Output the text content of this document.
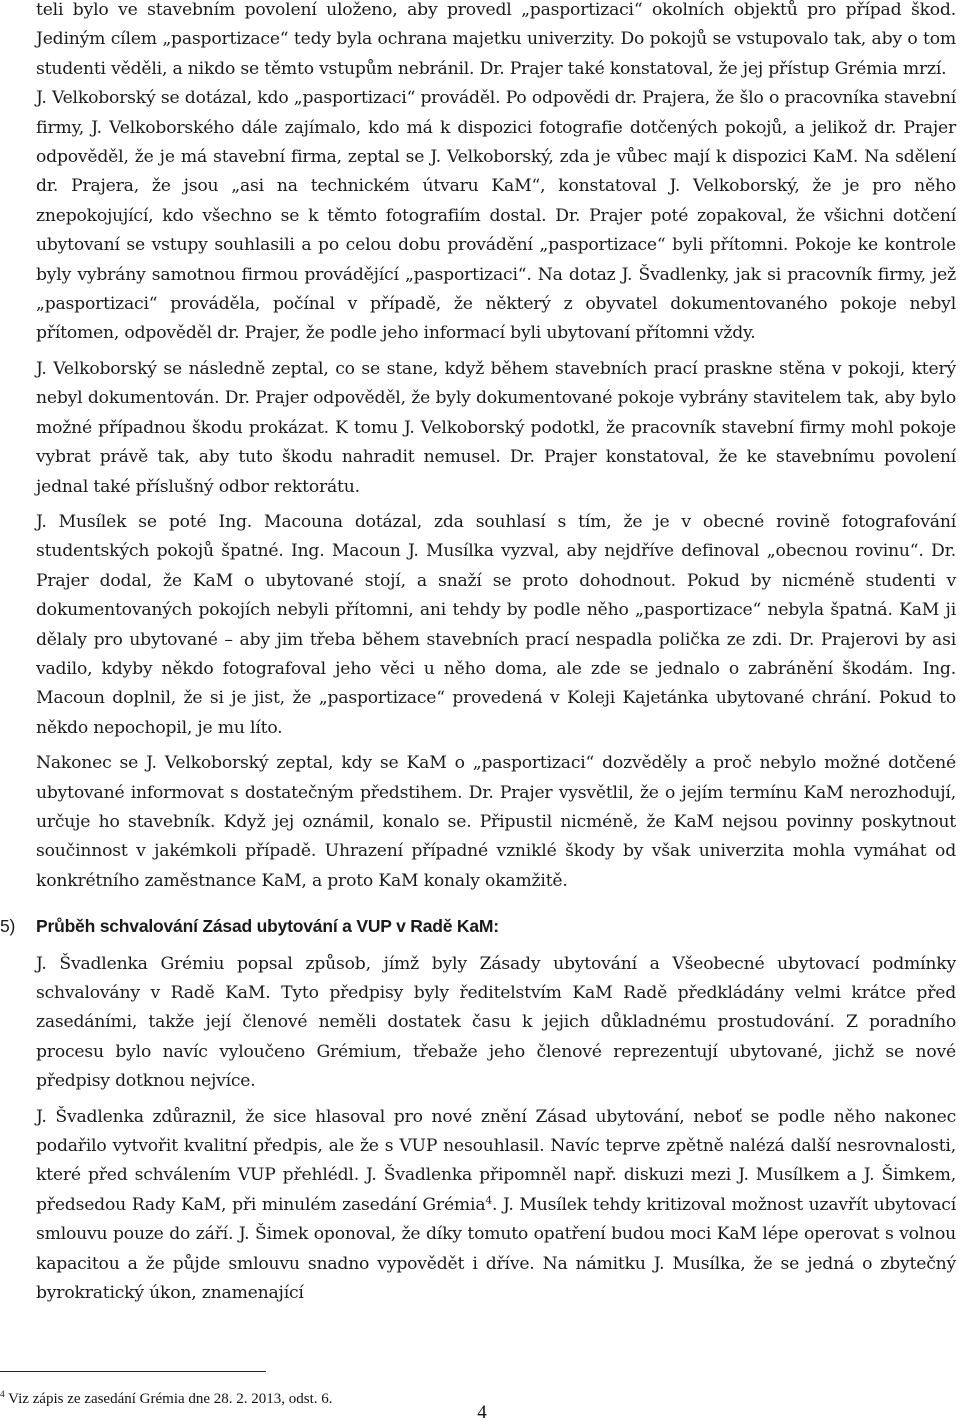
teli bylo ve stavebním povolení uloženo, aby provedl „pasportizaci“ okolních objektů pro případ škod. Jediným cílem „pasportizace“ tedy byla ochrana majetku univerzity. Do pokojů se vstupovalo tak, aby o tom studenti věděli, a nikdo se těmto vstupům nebránil. Dr. Prajer také konstatoval, že jej přístup Grémia mrzí.

J. Velkoborský se dotázal, kdo „pasportizaci“ prováděl. Po odpovědi dr. Prajera, že šlo o pracovníka stavební firmy, J. Velkoborského dále zajímalo, kdo má k dispozici fotografie dotčených pokojů, a jelikož dr. Prajer odpověděl, že je má stavební firma, zeptal se J. Velkoborský, zda je vůbec mají k dispozici KaM. Na sdělení dr. Prajera, že jsou „asi na technickém útvaru KaM“, konstatoval J. Velkoborský, že je pro něho znepokojující, kdo všechno se k těmto fotografiím dostal. Dr. Prajer poté zopakoval, že všichni dotčení ubytovaní se vstupy souhlasili a po celou dobu provádění „pasportizace“ byli přítomni. Pokoje ke kontrole byly vybrány samotnou firmou provádějící „pasportizaci“. Na dotaz J. Švadlenky, jak si pracovník firmy, jež „pasportizaci“ prováděla, počínal v případě, že některý z obyvatel dokumentovaného pokoje nebyl přítomen, odpověděl dr. Prajer, že podle jeho informací byli ubytovaní přítomni vždy.

J. Velkoborský se následně zeptal, co se stane, když během stavebních prací praskne stěna v pokoji, který nebyl dokumentován. Dr. Prajer odpověděl, že byly dokumentované pokoje vybrány stavitelem tak, aby bylo možné případnou škodu prokázat. K tomu J. Velkoborský podotkl, že pracovník stavební firmy mohl pokoje vybrat právě tak, aby tuto škodu nahradit nemusel. Dr. Prajer konstatoval, že ke stavebnímu povolení jednal také příslušný odbor rektorátu.

J. Musílek se poté Ing. Macouna dotázal, zda souhlasí s tím, že je v obecné rovině fotografování studentských pokojů špatné. Ing. Macoun J. Musílka vyzval, aby nejdříve definoval „obecnou rovinu“. Dr. Prajer dodal, že KaM o ubytované stojí, a snaží se proto dohodnout. Pokud by nicméně studenti v dokumentovaných pokojích nebyli přítomni, ani tehdy by podle něho „pasportizace“ nebyla špatná. KaM ji dělaly pro ubytované – aby jim třeba během stavebních prací nespadla polička ze zdi. Dr. Prajerovi by asi vadilo, kdyby někdo fotografoval jeho věci u něho doma, ale zde se jednalo o zabránění škodám. Ing. Macoun doplnil, že si je jist, že „pasportizace“ provedená v Koleji Kajetánka ubytované chrání. Pokud to někdo nepochopil, je mu líto.

Nakonec se J. Velkoborský zeptal, kdy se KaM o „pasportizaci“ dozvěděly a proč nebylo možné dotčené ubytované informovat s dostatečným předstihem. Dr. Prajer vysvětlil, že o jejím termínu KaM nerozhodují, určuje ho stavebník. Když jej oznámil, konalo se. Připustil nicméně, že KaM nejsou povinny poskytnout součinnost v jakémkoli případě. Uhrazení případné vzniklé škody by však univerzita mohla vymáhat od konkrétního zaměstnance KaM, a proto KaM konaly okamžitě.

5) Průběh schvalování Zásad ubytování a VUP v Radě KaM:

J. Švadlenka Grémiu popsal způsob, jímž byly Zásady ubytování a Všeobecné ubytovací podmínky schvalovány v Radě KaM. Tyto předpisy byly ředitelstvím KaM Radě předkládány velmi krátce před zasedáními, takže její členové neměli dostatek času k jejich důkladnému prostudování. Z poradního procesu bylo navíc vyloučeno Grémium, třebaže jeho členové reprezentují ubytované, jichž se nové předpisy dotknou nejvíce.

J. Švadlenka zdůraznil, že sice hlasoval pro nové znění Zásad ubytování, neboť se podle něho nakonec podařilo vytvořit kvalitní předpis, ale že s VUP nesouhlasil. Navíc teprve zpětně nalézá další nesrovnalosti, které před schválením VUP přehlédl. J. Švadlenka připomněl např. diskuzi mezi J. Musílkem a J. Šimkem, předsedou Rady KaM, při minulém zasedání Grémia$^4$. J. Musílek tehdy kritizoval možnost uzavřít ubytovací smlouvu pouze do září. J. Šimek oponoval, že díky tomuto opatření budou moci KaM lépe operovat s volnou kapacitou a že půjde smlouvu snadno vypovědět i dříve. Na námitku J. Musílka, že se jedná o zbytečný byrokratický úkon, znamenající

$^4$ Viz zápis ze zasedání Grémia dne 28. 2. 2013, odst. 6.
4
